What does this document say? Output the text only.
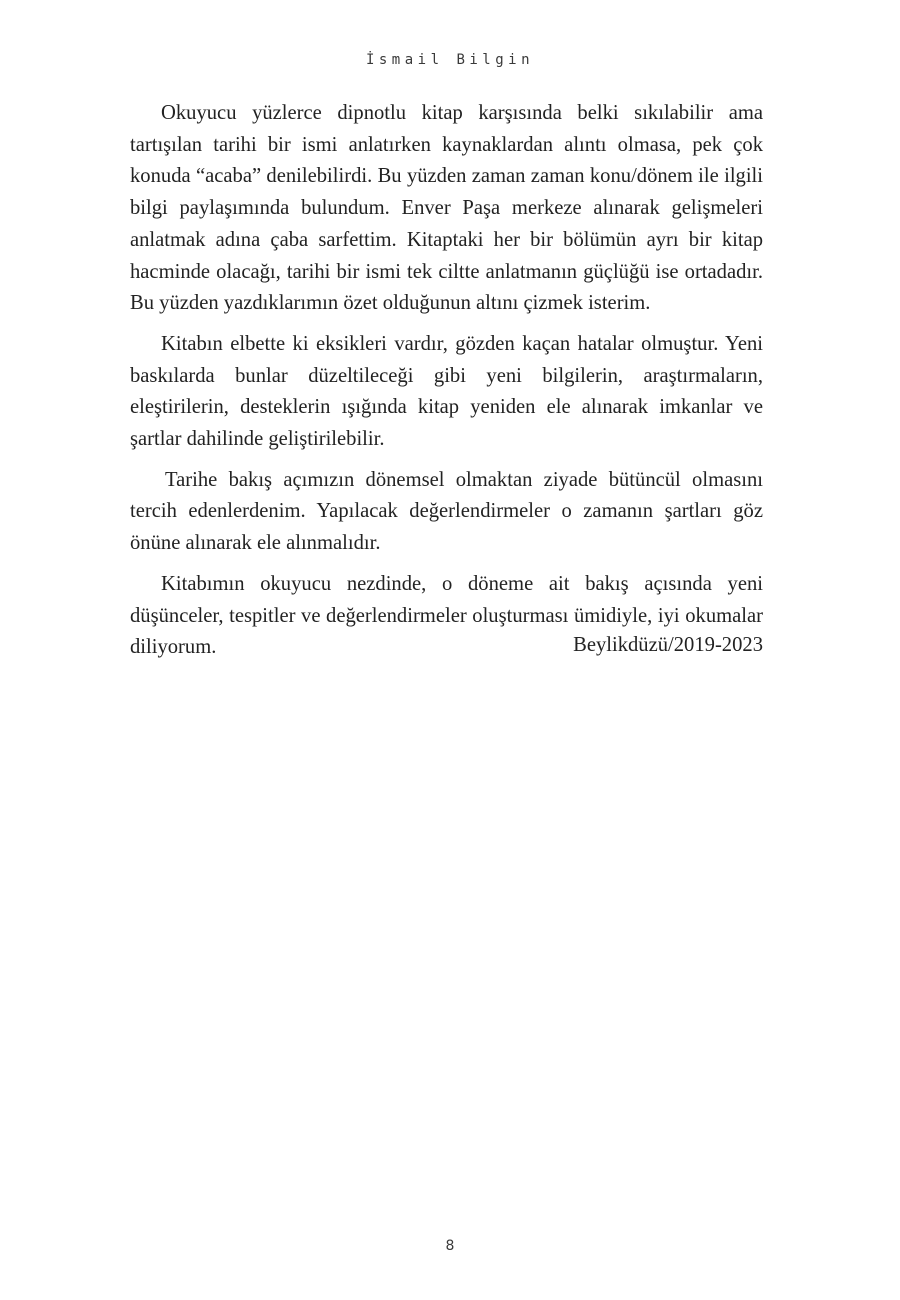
İsmail Bilgin

Okuyucu yüzlerce dipnotlu kitap karşısında belki sıkılabilir ama tartışılan tarihi bir ismi anlatırken kaynaklardan alıntı olmasa, pek çok konuda “acaba” denilebilirdi. Bu yüzden zaman zaman konu/dönem ile ilgili bilgi paylaşımında bulundum. Enver Paşa merkeze alınarak gelişmeleri anlatmak adına çaba sarfettim. Kitaptaki her bir bölümün ayrı bir kitap hacminde olacağı, tarihi bir ismi tek ciltte anlatmanın güçlüğü ise ortadadır. Bu yüzden yazdıklarımın özet olduğunun altını çizmek isterim.

Kitabın elbette ki eksikleri vardır, gözden kaçan hatalar olmuştur. Yeni baskılarda bunlar düzeltileceği gibi yeni bilgilerin, araştırmaların, eleştirilerin, desteklerin ışığında kitap yeniden ele alınarak imkanlar ve şartlar dahilinde geliştirilebilir.

Tarihe bakış açımızın dönemsel olmaktan ziyade bütüncül olmasını tercih edenlerdenim. Yapılacak değerlendirmeler o zamanın şartları göz önüne alınarak ele alınmalıdır.

Kitabımın okuyucu nezdinde, o döneme ait bakış açısında yeni düşünceler, tespitler ve değerlendirmeler oluşturması ümidiyle, iyi okumalar diliyorum.	Beylikdüzü/2019-2023
8
